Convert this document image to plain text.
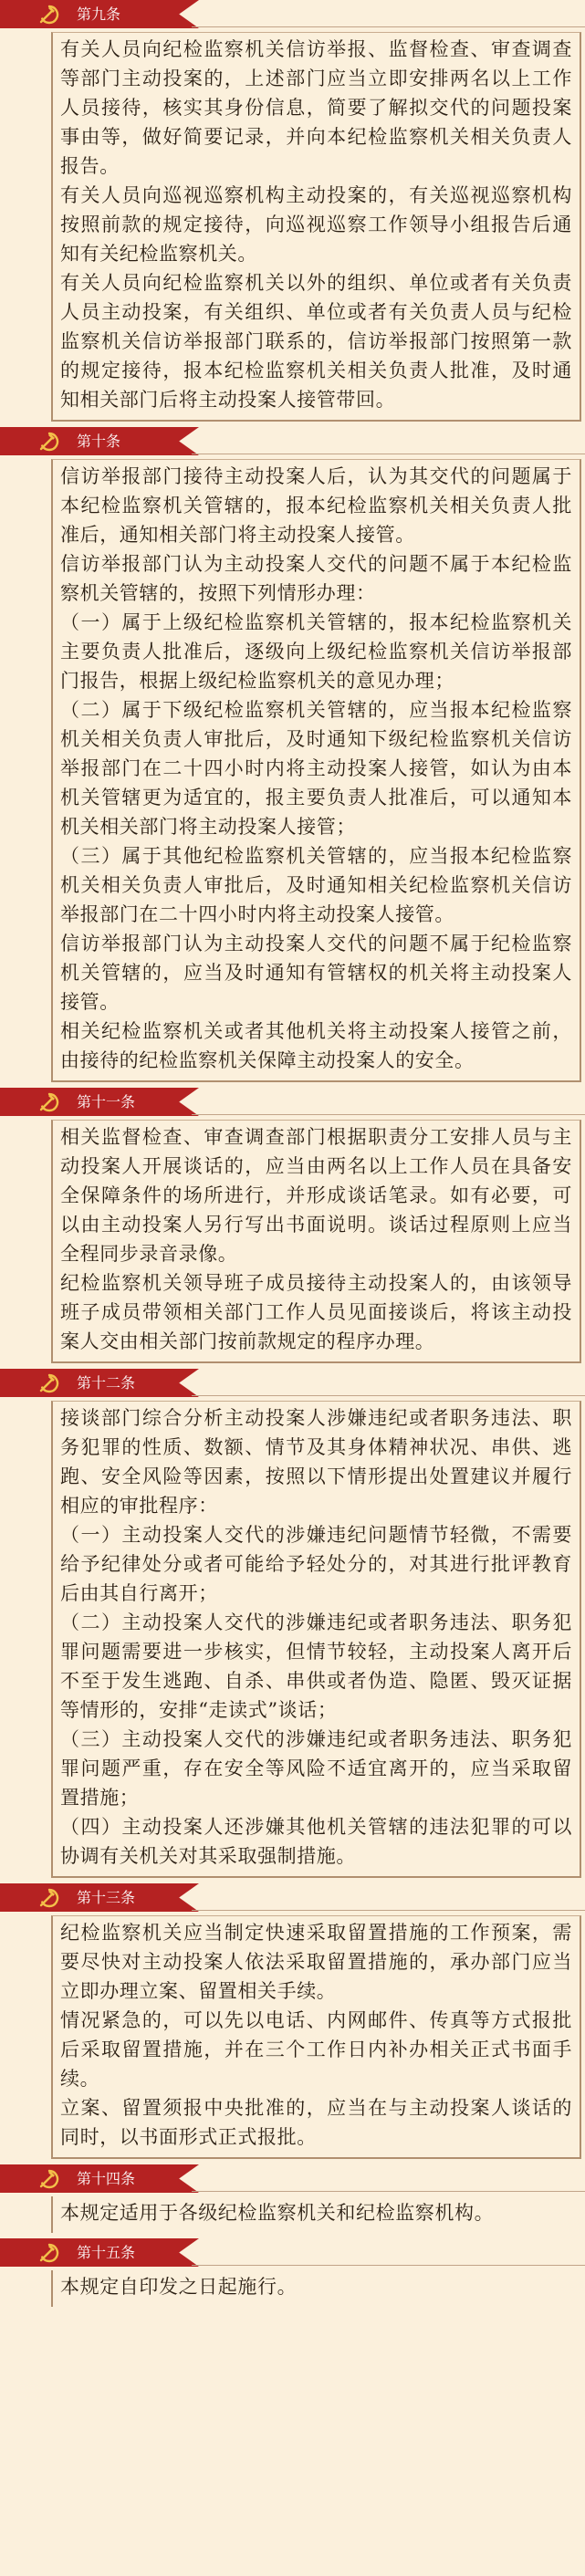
第九条

有关人员向纪检监察机关信访举报、监督检查、审查调查等部门主动投案的，上述部门应当立即安排两名以上工作人员接待，核实其身份信息，简要了解拟交代的问题投案事由等，做好简要记录，并向本纪检监察机关相关负责人报告。

有关人员向巡视巡察机构主动投案的，有关巡视巡察机构按照前款的规定接待，向巡视巡察工作领导小组报告后通知有关纪检监察机关。

有关人员向纪检监察机关以外的组织、单位或者有关负责人员主动投案，有关组织、单位或者有关负责人员与纪检监察机关信访举报部门联系的，信访举报部门按照第一款的规定接待，报本纪检监察机关相关负责人批准，及时通知相关部门后将主动投案人接管带回。

第十条

信访举报部门接待主动投案人后，认为其交代的问题属于本纪检监察机关管辖的，报本纪检监察机关相关负责人批准后，通知相关部门将主动投案人接管。

信访举报部门认为主动投案人交代的问题不属于本纪检监察机关管辖的，按照下列情形办理：

（一）属于上级纪检监察机关管辖的，报本纪检监察机关主要负责人批准后，逐级向上级纪检监察机关信访举报部门报告，根据上级纪检监察机关的意见办理；

（二）属于下级纪检监察机关管辖的，应当报本纪检监察机关相关负责人审批后，及时通知下级纪检监察机关信访举报部门在二十四小时内将主动投案人接管，如认为由本机关管辖更为适宜的，报主要负责人批准后，可以通知本机关相关部门将主动投案人接管；

（三）属于其他纪检监察机关管辖的，应当报本纪检监察机关相关负责人审批后，及时通知相关纪检监察机关信访举报部门在二十四小时内将主动投案人接管。

信访举报部门认为主动投案人交代的问题不属于纪检监察机关管辖的，应当及时通知有管辖权的机关将主动投案人接管。

相关纪检监察机关或者其他机关将主动投案人接管之前，由接待的纪检监察机关保障主动投案人的安全。

第十一条

相关监督检查、审查调查部门根据职责分工安排人员与主动投案人开展谈话的，应当由两名以上工作人员在具备安全保障条件的场所进行，并形成谈话笔录。如有必要，可以由主动投案人另行写出书面说明。谈话过程原则上应当全程同步录音录像。

纪检监察机关领导班子成员接待主动投案人的，由该领导班子成员带领相关部门工作人员见面接谈后，将该主动投案人交由相关部门按前款规定的程序办理。

第十二条

接谈部门综合分析主动投案人涉嫌违纪或者职务违法、职务犯罪的性质、数额、情节及其身体精神状况、串供、逃跑、安全风险等因素，按照以下情形提出处置建议并履行相应的审批程序：

（一）主动投案人交代的涉嫌违纪问题情节轻微，不需要给予纪律处分或者可能给予轻处分的，对其进行批评教育后由其自行离开；

（二）主动投案人交代的涉嫌违纪或者职务违法、职务犯罪问题需要进一步核实，但情节较轻，主动投案人离开后不至于发生逃跑、自杀、串供或者伪造、隐匿、毁灭证据等情形的，安排“走读式”谈话；

（三）主动投案人交代的涉嫌违纪或者职务违法、职务犯罪问题严重，存在安全等风险不适宜离开的，应当采取留置措施；

（四）主动投案人还涉嫌其他机关管辖的违法犯罪的可以协调有关机关对其采取强制措施。

第十三条

纪检监察机关应当制定快速采取留置措施的工作预案，需要尽快对主动投案人依法采取留置措施的，承办部门应当立即办理立案、留置相关手续。

情况紧急的，可以先以电话、内网邮件、传真等方式报批后采取留置措施，并在三个工作日内补办相关正式书面手续。

立案、留置须报中央批准的，应当在与主动投案人谈话的同时，以书面形式正式报批。

第十四条

本规定适用于各级纪检监察机关和纪检监察机构。

第十五条

本规定自印发之日起施行。
